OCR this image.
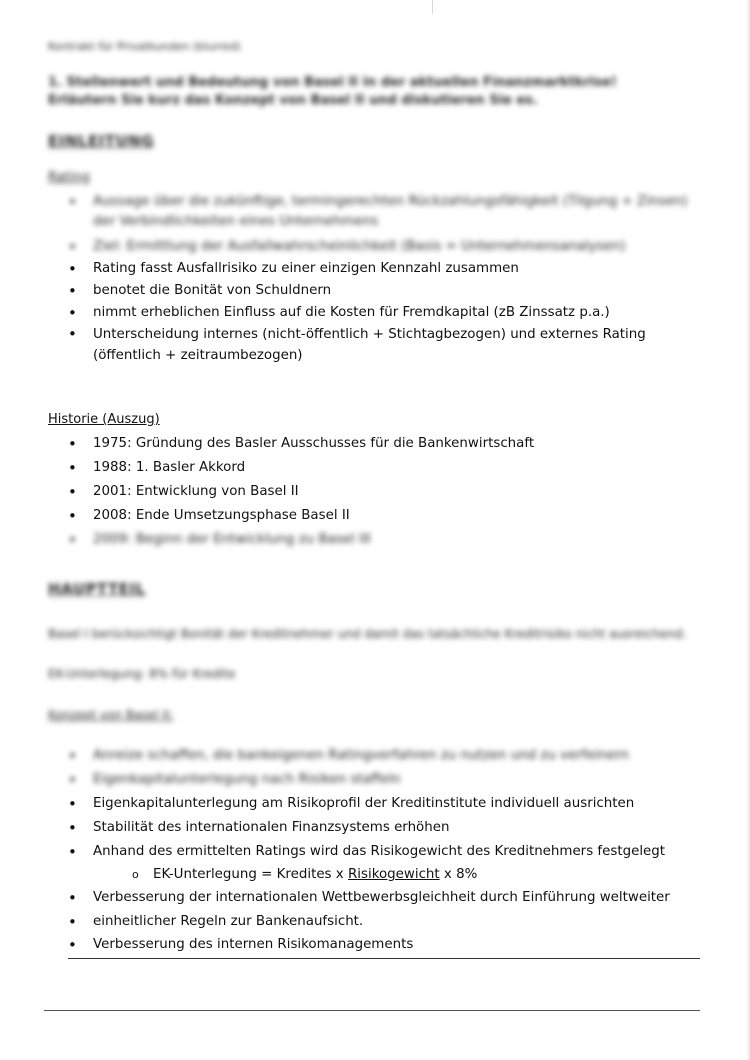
Kontrakt für Privatkunden (blurred)
1. Stellenwert und Bedeutung von Basel II in der aktuellen Finanzmarktkrise! Erläutern Sie kurz das Konzept von Basel II und diskutieren Sie es.
EINLEITUNG
Rating
• Aussage über die zukünftige, termingerechten Rückzahlungsfähigkeit (Tilgung + Zinsen) der Verbindlichkeiten eines Unternehmens
• Ziel: Ermittlung der Ausfallwahrscheinlichkeit (Basis = Unternehmensanalysen)
• Rating fasst Ausfallrisiko zu einer einzigen Kennzahl zusammen
• benotet die Bonität von Schuldnern
• nimmt erheblichen Einfluss auf die Kosten für Fremdkapital (zB Zinssatz p.a.)
• Unterscheidung internes (nicht-öffentlich + Stichtagbezogen) und externes Rating (öffentlich + zeitraumbezogen)
Historie (Auszug)
• 1975: Gründung des Basler Ausschusses für die Bankenwirtschaft
• 1988: 1. Basler Akkord
• 2001: Entwicklung von Basel II
• 2008: Ende Umsetzungsphase Basel II
• 2009: Beginn der Entwicklung zu Basel III
HAUPTTEIL
Basel I berücksichtigt Bonität der Kreditnehmer und damit das tatsächliche Kreditrisiko nicht ausreichend.
EK-Unterlegung: 8% für Kredite
Konzept von Basel II:
• Anreize schaffen, die bankeigenen Ratingverfahren zu nutzen und zu verfeinern
• Eigenkapitalunterlegung nach Risiken staffeln
• Eigenkapitalunterlegung am Risikoprofil der Kreditinstitute individuell ausrichten
• Stabilität des internationalen Finanzsystems erhöhen
• Anhand des ermittelten Ratings wird das Risikogewicht des Kreditnehmers festgelegt
o EK-Unterlegung = Kredites x Risikogewicht x 8%
• Verbesserung der internationalen Wettbewerbsgleichheit durch Einführung weltweiter
• einheitlicher Regeln zur Bankenaufsicht.
• Verbesserung des internen Risikomanagements
